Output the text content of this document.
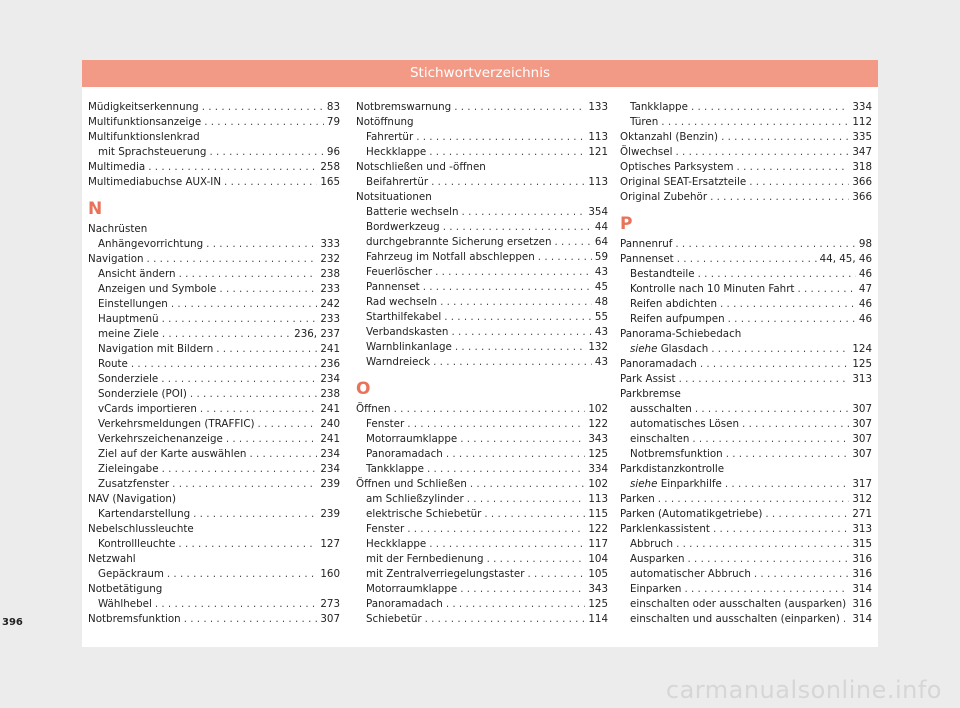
Stichwortverzeichnis
Müdigkeitserkennung . . .	83
Multifunktionsanzeige . . .	79
Multifunktionslenkrad
mit Sprachsteuerung . . .	96
Multimedia . . .	258
Multimediabuchse AUX-IN . . .	165
N
Nachrüsten
Anhängevorrichtung . . .	333
Navigation . . .	232
Ansicht ändern . . .	238
Anzeigen und Symbole . . .	233
Einstellungen . . .	242
Hauptmenü . . .	233
meine Ziele . . .	236, 237
Navigation mit Bildern . . .	241
Route . . .	236
Sonderziele . . .	234
Sonderziele (POI) . . .	238
vCards importieren . . .	241
Verkehrsmeldungen (TRAFFIC) . . .	240
Verkehrszeichenanzeige . . .	241
Ziel auf der Karte auswählen . . .	234
Zieleingabe . . .	234
Zusatzfenster . . .	239
NAV (Navigation)
Kartendarstellung . . .	239
Nebelschlussleuchte
Kontrollleuchte . . .	127
Netzwahl
Gepäckraum . . .	160
Notbetätigung
Wählhebel . . .	273
Notbremsfunktion . . .	307
Notbremswarnung . . .	133
Notöffnung
Fahrertür . . .	113
Heckklappe . . .	121
Notschließen und -öffnen
Beifahrertür . . .	113
Notsituationen
Batterie wechseln . . .	354
Bordwerkzeug . . .	44
durchgebrannte Sicherung ersetzen . . .	64
Fahrzeug im Notfall abschleppen . . .	59
Feuerlöscher . . .	43
Pannenset . . .	45
Rad wechseln . . .	48
Starthilfekabel . . .	55
Verbandskasten . . .	43
Warnblinkanlage . . .	132
Warndreieck . . .	43
O
Öffnen . . .	102
Fenster . . .	122
Motorraumklappe . . .	343
Panoramadach . . .	125
Tankklappe . . .	334
Öffnen und Schließen . . .	102
am Schließzylinder . . .	113
elektrische Schiebetür . . .	115
Fenster . . .	122
Heckklappe . . .	117
mit der Fernbedienung . . .	104
mit Zentralverriegelungstaster . . .	105
Motorraumklappe . . .	343
Panoramadach . . .	125
Schiebetür . . .	114
Tankklappe . . .	334
Türen . . .	112
Oktanzahl (Benzin) . . .	335
Ölwechsel . . .	347
Optisches Parksystem . . .	318
Original SEAT-Ersatzteile . . .	366
Original Zubehör . . .	366
P
Pannenruf . . .	98
Pannenset . . .	44, 45, 46
Bestandteile . . .	46
Kontrolle nach 10 Minuten Fahrt . . .	47
Reifen abdichten . . .	46
Reifen aufpumpen . . .	46
Panorama-Schiebedach
siehe Glasdach . . .	124
Panoramadach . . .	125
Park Assist . . .	313
Parkbremse
ausschalten . . .	307
automatisches Lösen . . .	307
einschalten . . .	307
Notbremsfunktion . . .	307
Parkdistanzkontrolle
siehe Einparkhilfe . . .	317
Parken . . .	312
Parken (Automatikgetriebe) . . .	271
Parklenkassistent . . .	313
Abbruch . . .	315
Ausparken . . .	316
automatischer Abbruch . . .	316
Einparken . . .	314
einschalten oder ausschalten (ausparken) . . . 316
einschalten und ausschalten (einparken) . . . 314
396
carmanualsonline.info
